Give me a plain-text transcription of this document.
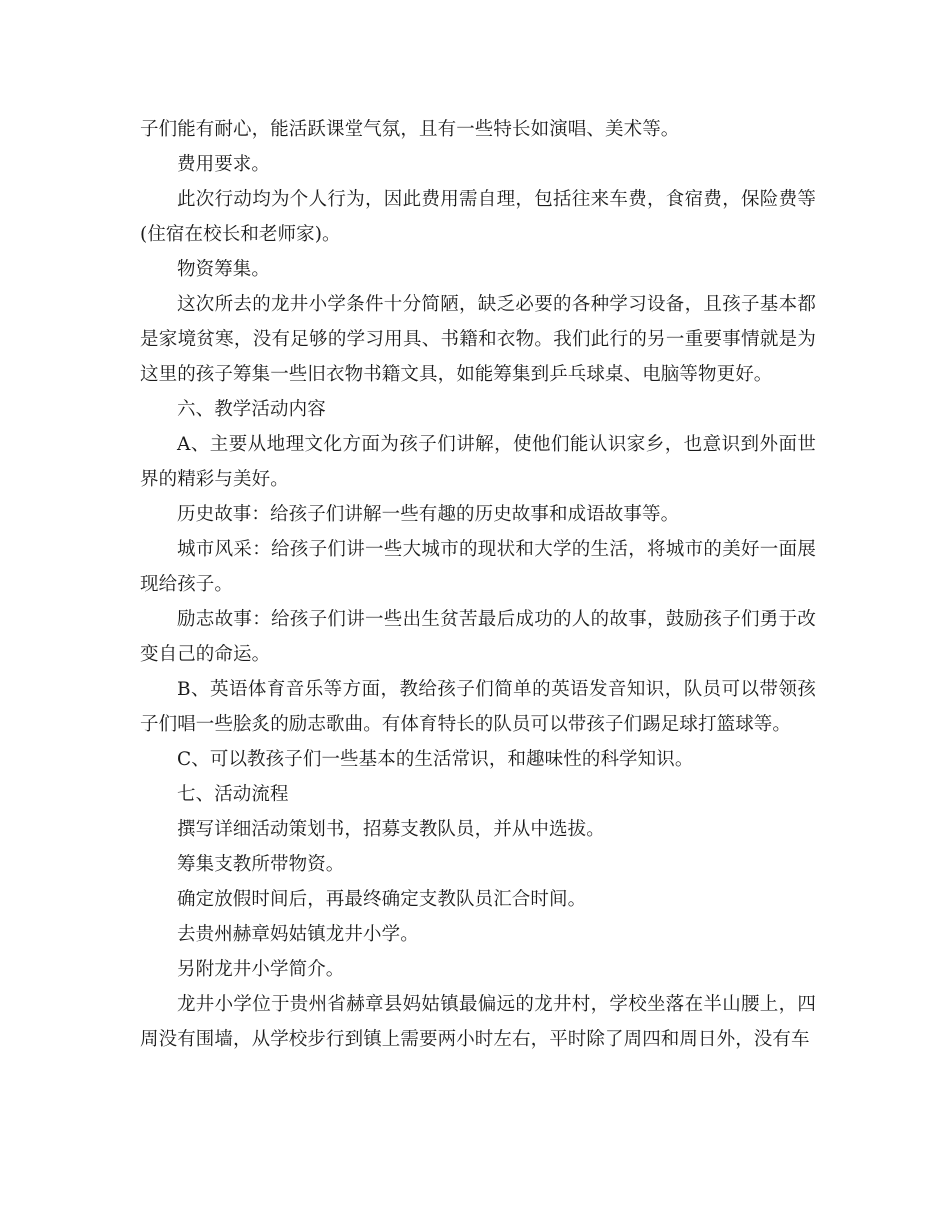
子们能有耐心，能活跃课堂气氛，且有一些特长如演唱、美术等。

费用要求。

此次行动均为个人行为，因此费用需自理，包括往来车费，食宿费，保险费等(住宿在校长和老师家)。

物资筹集。

这次所去的龙井小学条件十分简陋，缺乏必要的各种学习设备，且孩子基本都是家境贫寒，没有足够的学习用具、书籍和衣物。我们此行的另一重要事情就是为这里的孩子筹集一些旧衣物书籍文具，如能筹集到乒乓球桌、电脑等物更好。

六、教学活动内容

A、主要从地理文化方面为孩子们讲解，使他们能认识家乡，也意识到外面世界的精彩与美好。

历史故事：给孩子们讲解一些有趣的历史故事和成语故事等。

城市风采：给孩子们讲一些大城市的现状和大学的生活，将城市的美好一面展现给孩子。

励志故事：给孩子们讲一些出生贫苦最后成功的人的故事，鼓励孩子们勇于改变自己的命运。

B、英语体育音乐等方面，教给孩子们简单的英语发音知识，队员可以带领孩子们唱一些脍炙的励志歌曲。有体育特长的队员可以带孩子们踢足球打篮球等。

C、可以教孩子们一些基本的生活常识，和趣味性的科学知识。

七、活动流程

撰写详细活动策划书，招募支教队员，并从中选拔。

筹集支教所带物资。

确定放假时间后，再最终确定支教队员汇合时间。

去贵州赫章妈姑镇龙井小学。

另附龙井小学简介。

龙井小学位于贵州省赫章县妈姑镇最偏远的龙井村，学校坐落在半山腰上，四周没有围墙，从学校步行到镇上需要两小时左右，平时除了周四和周日外，没有车
